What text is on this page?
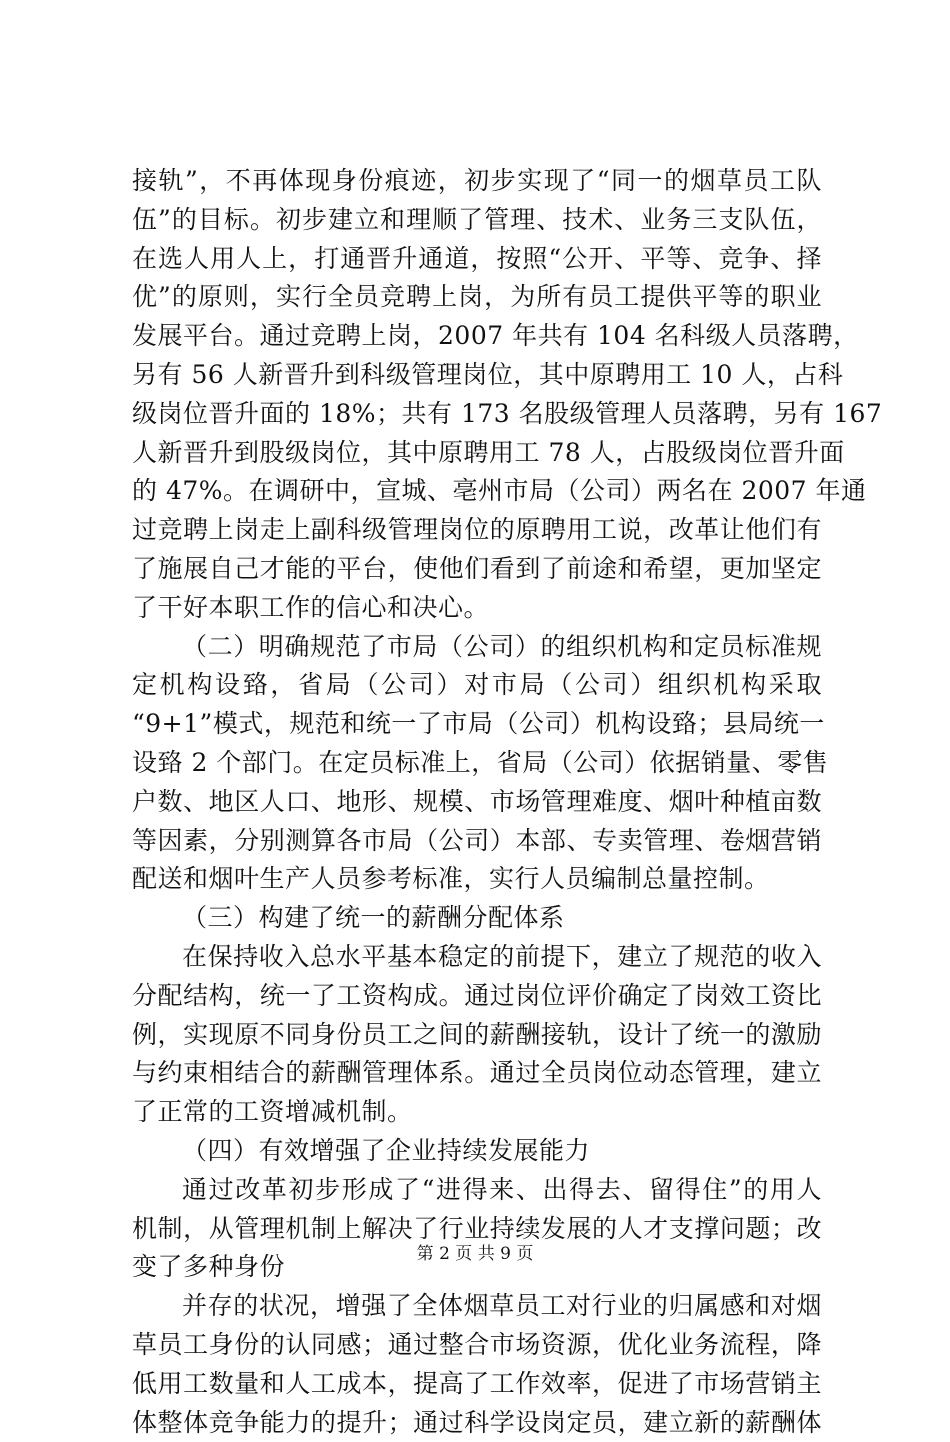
接轨”，不再体现身份痕迹，初步实现了“同一的烟草员工队
伍”的目标。初步建立和理顺了管理、技术、业务三支队伍，
在选人用人上，打通晋升通道，按照“公开、平等、竞争、择
优”的原则，实行全员竞聘上岗，为所有员工提供平等的职业
发展平台。通过竞聘上岗，2007 年共有 104 名科级人员落聘，
另有 56 人新晋升到科级管理岗位，其中原聘用工 10 人，占科
级岗位晋升面的 18%；共有 173 名股级管理人员落聘，另有 167
人新晋升到股级岗位，其中原聘用工 78 人，占股级岗位晋升面
的 47%。在调研中，宣城、亳州市局（公司）两名在 2007 年通
过竞聘上岗走上副科级管理岗位的原聘用工说，改革让他们有
了施展自己才能的平台，使他们看到了前途和希望，更加坚定
了干好本职工作的信心和决心。
（二）明确规范了市局（公司）的组织机构和定员标准规
定机构设臵，省局（公司）对市局（公司）组织机构采取
“9+1”模式，规范和统一了市局（公司）机构设臵；县局统一
设臵 2 个部门。在定员标准上，省局（公司）依据销量、零售
户数、地区人口、地形、规模、市场管理难度、烟叶种植亩数
等因素，分别测算各市局（公司）本部、专卖管理、卷烟营销
配送和烟叶生产人员参考标准，实行人员编制总量控制。
（三）构建了统一的薪酬分配体系
在保持收入总水平基本稳定的前提下，建立了规范的收入
分配结构，统一了工资构成。通过岗位评价确定了岗效工资比
例，实现原不同身份员工之间的薪酬接轨，设计了统一的激励
与约束相结合的薪酬管理体系。通过全员岗位动态管理，建立
了正常的工资增减机制。
（四）有效增强了企业持续发展能力
通过改革初步形成了“进得来、出得去、留得住”的用人
机制，从管理机制上解决了行业持续发展的人才支撑问题；改
变了多种身份
并存的状况，增强了全体烟草员工对行业的归属感和对烟
草员工身份的认同感；通过整合市场资源，优化业务流程，降
低用工数量和人工成本，提高了工作效率，促进了市场营销主
体整体竞争能力的提升；通过科学设岗定员，建立新的薪酬体
第 2 页 共 9 页
